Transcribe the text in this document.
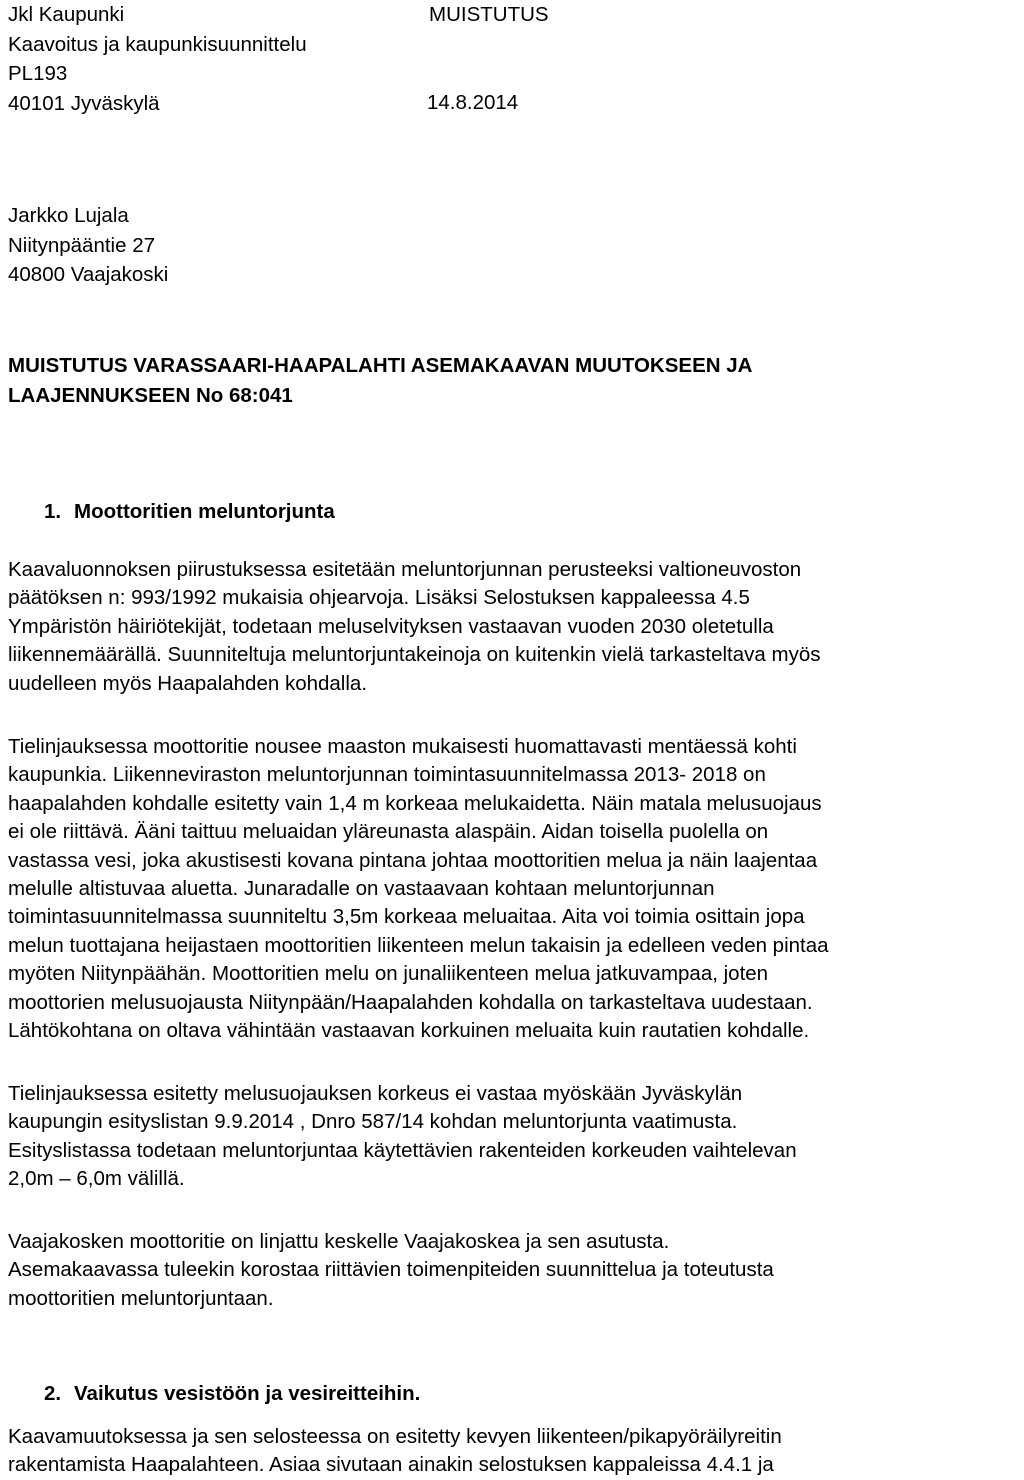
Jkl Kaupunki
Kaavoitus ja kaupunkisuunnittelu
PL193
40101 Jyväskylä
MUISTUTUS
14.8.2014
Jarkko Lujala
Niitynpääntie 27
40800 Vaajakoski
MUISTUTUS VARASSAARI-HAAPALAHTI ASEMAKAAVAN MUUTOKSEEN JA
LAAJENNUKSEEN No 68:041
1. Moottoritien meluntorjunta
Kaavaluonnoksen piirustuksessa esitetään meluntorjunnan perusteeksi valtioneuvoston
päätöksen n: 993/1992 mukaisia ohjearvoja. Lisäksi Selostuksen kappaleessa 4.5
Ympäristön häiriötekijät, todetaan meluselvityksen vastaavan vuoden 2030 oletetulla
liikennemäärällä. Suunniteltuja meluntorjuntakeinoja on kuitenkin vielä tarkasteltava myös
uudelleen myös Haapalahden kohdalla.
Tielinjauksessa moottoritie nousee maaston mukaisesti huomattavasti mentäessä kohti
kaupunkia. Liikenneviraston meluntorjunnan toimintasuunnitelmassa 2013- 2018 on
haapalahden kohdalle esitetty vain 1,4 m korkeaa melukaidetta. Näin matala melusuojaus
ei ole riittävä. Ääni taittuu meluaidan yläreunasta alaspäin. Aidan toisella puolella on
vastassa vesi, joka akustisesti kovana pintana johtaa moottoritien melua ja näin laajentaa
melulle altistuvaa aluetta. Junaradalle on vastaavaan kohtaan meluntorjunnan
toimintasuunnitelmassa suunniteltu 3,5m korkeaa meluaitaa. Aita voi toimia osittain jopa
melun tuottajana heijastaen moottoritien liikenteen melun takaisin ja edelleen veden pintaa
myöten Niitynpäähän. Moottoritien melu on junaliikenteen melua jatkuvampaa, joten
moottorien melusuojausta Niitynpään/Haapalahden kohdalla on tarkasteltava uudestaan.
Lähtökohtana on oltava vähintään vastaavan korkuinen meluaita kuin rautatien kohdalle.
Tielinjauksessa esitetty melusuojauksen korkeus ei vastaa myöskään Jyväskylän
kaupungin esityslistan 9.9.2014 , Dnro 587/14 kohdan meluntorjunta vaatimusta.
Esityslistassa todetaan meluntorjuntaa käytettävien rakenteiden korkeuden vaihtelevan
2,0m – 6,0m välillä.
Vaajakosken moottoritie on linjattu keskelle Vaajakoskea ja sen asutusta.
Asemakaavassa tuleekin korostaa riittävien toimenpiteiden suunnittelua ja toteutusta
moottoritien meluntorjuntaan.
2. Vaikutus vesistöön ja vesireitteihin.
Kaavamuutoksessa ja sen selosteessa on esitetty kevyen liikenteen/pikapyöräilyreitin
rakentamista Haapalahteen. Asiaa sivutaan ainakin selostuksen kappaleissa 4.4.1 ja
